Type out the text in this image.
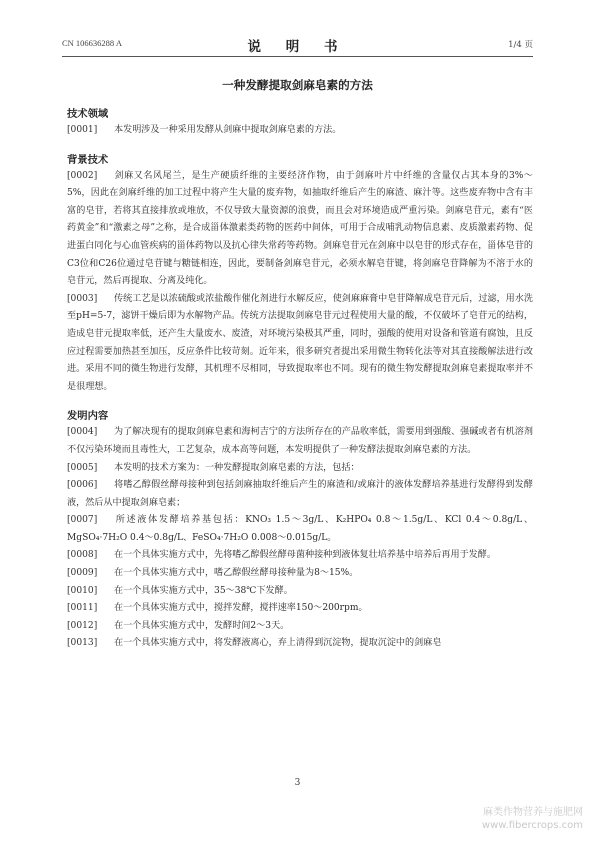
CN 106636288 A	说 明 书	1/4 页
一种发酵提取剑麻皂素的方法
技术领域
[0001] 本发明涉及一种采用发酵从剑麻中提取剑麻皂素的方法。
背景技术
[0002] 剑麻又名风尾兰，是生产硬质纤维的主要经济作物，由于剑麻叶片中纤维的含量仅占其本身的3%～5%，因此在剑麻纤维的加工过程中将产生大量的废弃物，如抽取纤维后产生的麻渣、麻汁等。这些废弃物中含有丰富的皂苷，若将其直接排放或堆放，不仅导致大量资源的浪费，而且会对环境造成严重污染。剑麻皂苷元，素有“医药黄金”和“激素之母”之称，是合成甾体激素类药物的医药中间体，可用于合成哺乳动物信息素、皮质激素药物、促进蛋白同化与心血管疾病的甾体药物以及抗心律失常药等药物。剑麻皂苷元在剑麻中以皂苷的形式存在，甾体皂苷的C3位和C26位通过皂苷键与糖链相连，因此，要制备剑麻皂苷元，必须水解皂苷键，将剑麻皂苷降解为不溶于水的皂苷元，然后再提取、分离及纯化。
[0003] 传统工艺是以浓硫酸或浓盐酸作催化剂进行水解反应，使剑麻麻膏中皂苷降解成皂苷元后，过滤，用水洗至pH=5-7，滤饼干燥后即为水解物产品。传统方法提取剑麻皂苷元过程使用大量的酸，不仅破坏了皂苷元的结构，造成皂苷元提取率低，还产生大量废水、废渣，对环境污染极其严重，同时，强酸的使用对设备和管道有腐蚀，且反应过程需要加热甚至加压，反应条件比较苛刻。近年来，很多研究者提出采用微生物转化法等对其直接酸解法进行改进。采用不同的微生物进行发酵，其机理不尽相同，导致提取率也不同。现有的微生物发酵提取剑麻皂素提取率并不是很理想。
发明内容
[0004] 为了解决现有的提取剑麻皂素和海柯吉宁的方法所存在的产品收率低，需要用到强酸、强碱或者有机溶剂不仅污染环境而且毒性大，工艺复杂，成本高等问题，本发明提供了一种发酵法提取剑麻皂素的方法。
[0005] 本发明的技术方案为：一种发酵提取剑麻皂素的方法，包括：
[0006] 将嗜乙醇假丝酵母接种到包括剑麻抽取纤维后产生的麻渣和/或麻汁的液体发酵培养基进行发酵得到发酵液，然后从中提取剑麻皂素；
[0007] 所述液体发酵培养基包括：KNO₃ 1.5～3g/L、K₂HPO₄ 0.8～1.5g/L、KCl 0.4～0.8g/L、MgSO₄·7H₂O 0.4～0.8g/L、FeSO₄·7H₂O 0.008～0.015g/L。
[0008] 在一个具体实施方式中，先将嗜乙醇假丝酵母菌种接种到液体复壮培养基中培养后再用于发酵。
[0009] 在一个具体实施方式中，嗜乙醇假丝酵母接种量为8～15%。
[0010] 在一个具体实施方式中，35～38℃下发酵。
[0011] 在一个具体实施方式中，搅拌发酵，搅拌速率150～200rpm。
[0012] 在一个具体实施方式中，发酵时间2～3天。
[0013] 在一个具体实施方式中，将发酵液离心，弃上清得到沉淀物，提取沉淀中的剑麻皂
3
麻类作物营养与施肥网
www.fibercrops.com
